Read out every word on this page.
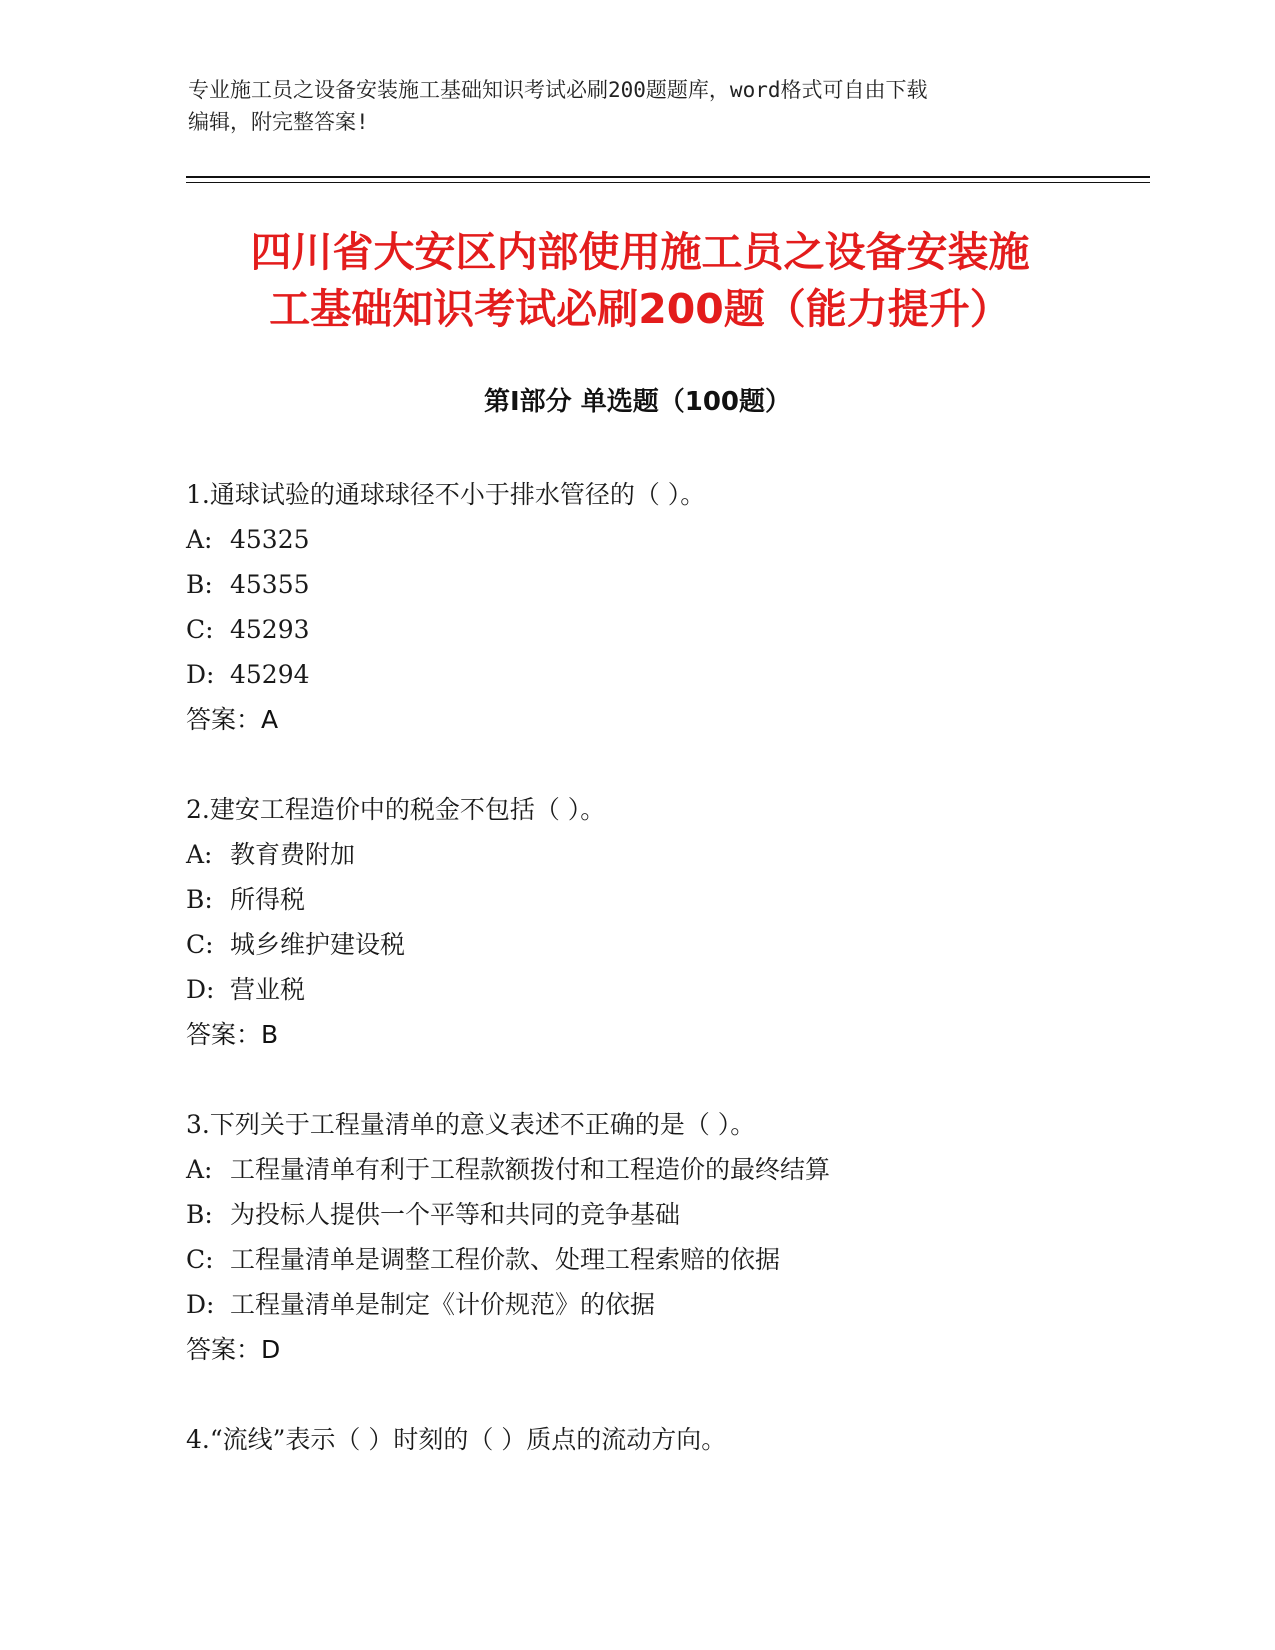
专业施工员之设备安装施工基础知识考试必刷200题题库，word格式可自由下载
编辑，附完整答案!
四川省大安区内部使用施工员之设备安装施
工基础知识考试必刷200题（能力提升）
第Ⅰ部分 单选题（100题）
1.通球试验的通球球径不小于排水管径的（ ）。
A: 45325
B: 45355
C: 45293
D: 45294
答案：A
2.建安工程造价中的税金不包括（ ）。
A: 教育费附加
B: 所得税
C: 城乡维护建设税
D: 营业税
答案：B
3.下列关于工程量清单的意义表述不正确的是（ ）。
A: 工程量清单有利于工程款额拨付和工程造价的最终结算
B: 为投标人提供一个平等和共同的竞争基础
C: 工程量清单是调整工程价款、处理工程索赔的依据
D: 工程量清单是制定《计价规范》的依据
答案：D
4.“流线”表示（ ）时刻的（ ）质点的流动方向。
